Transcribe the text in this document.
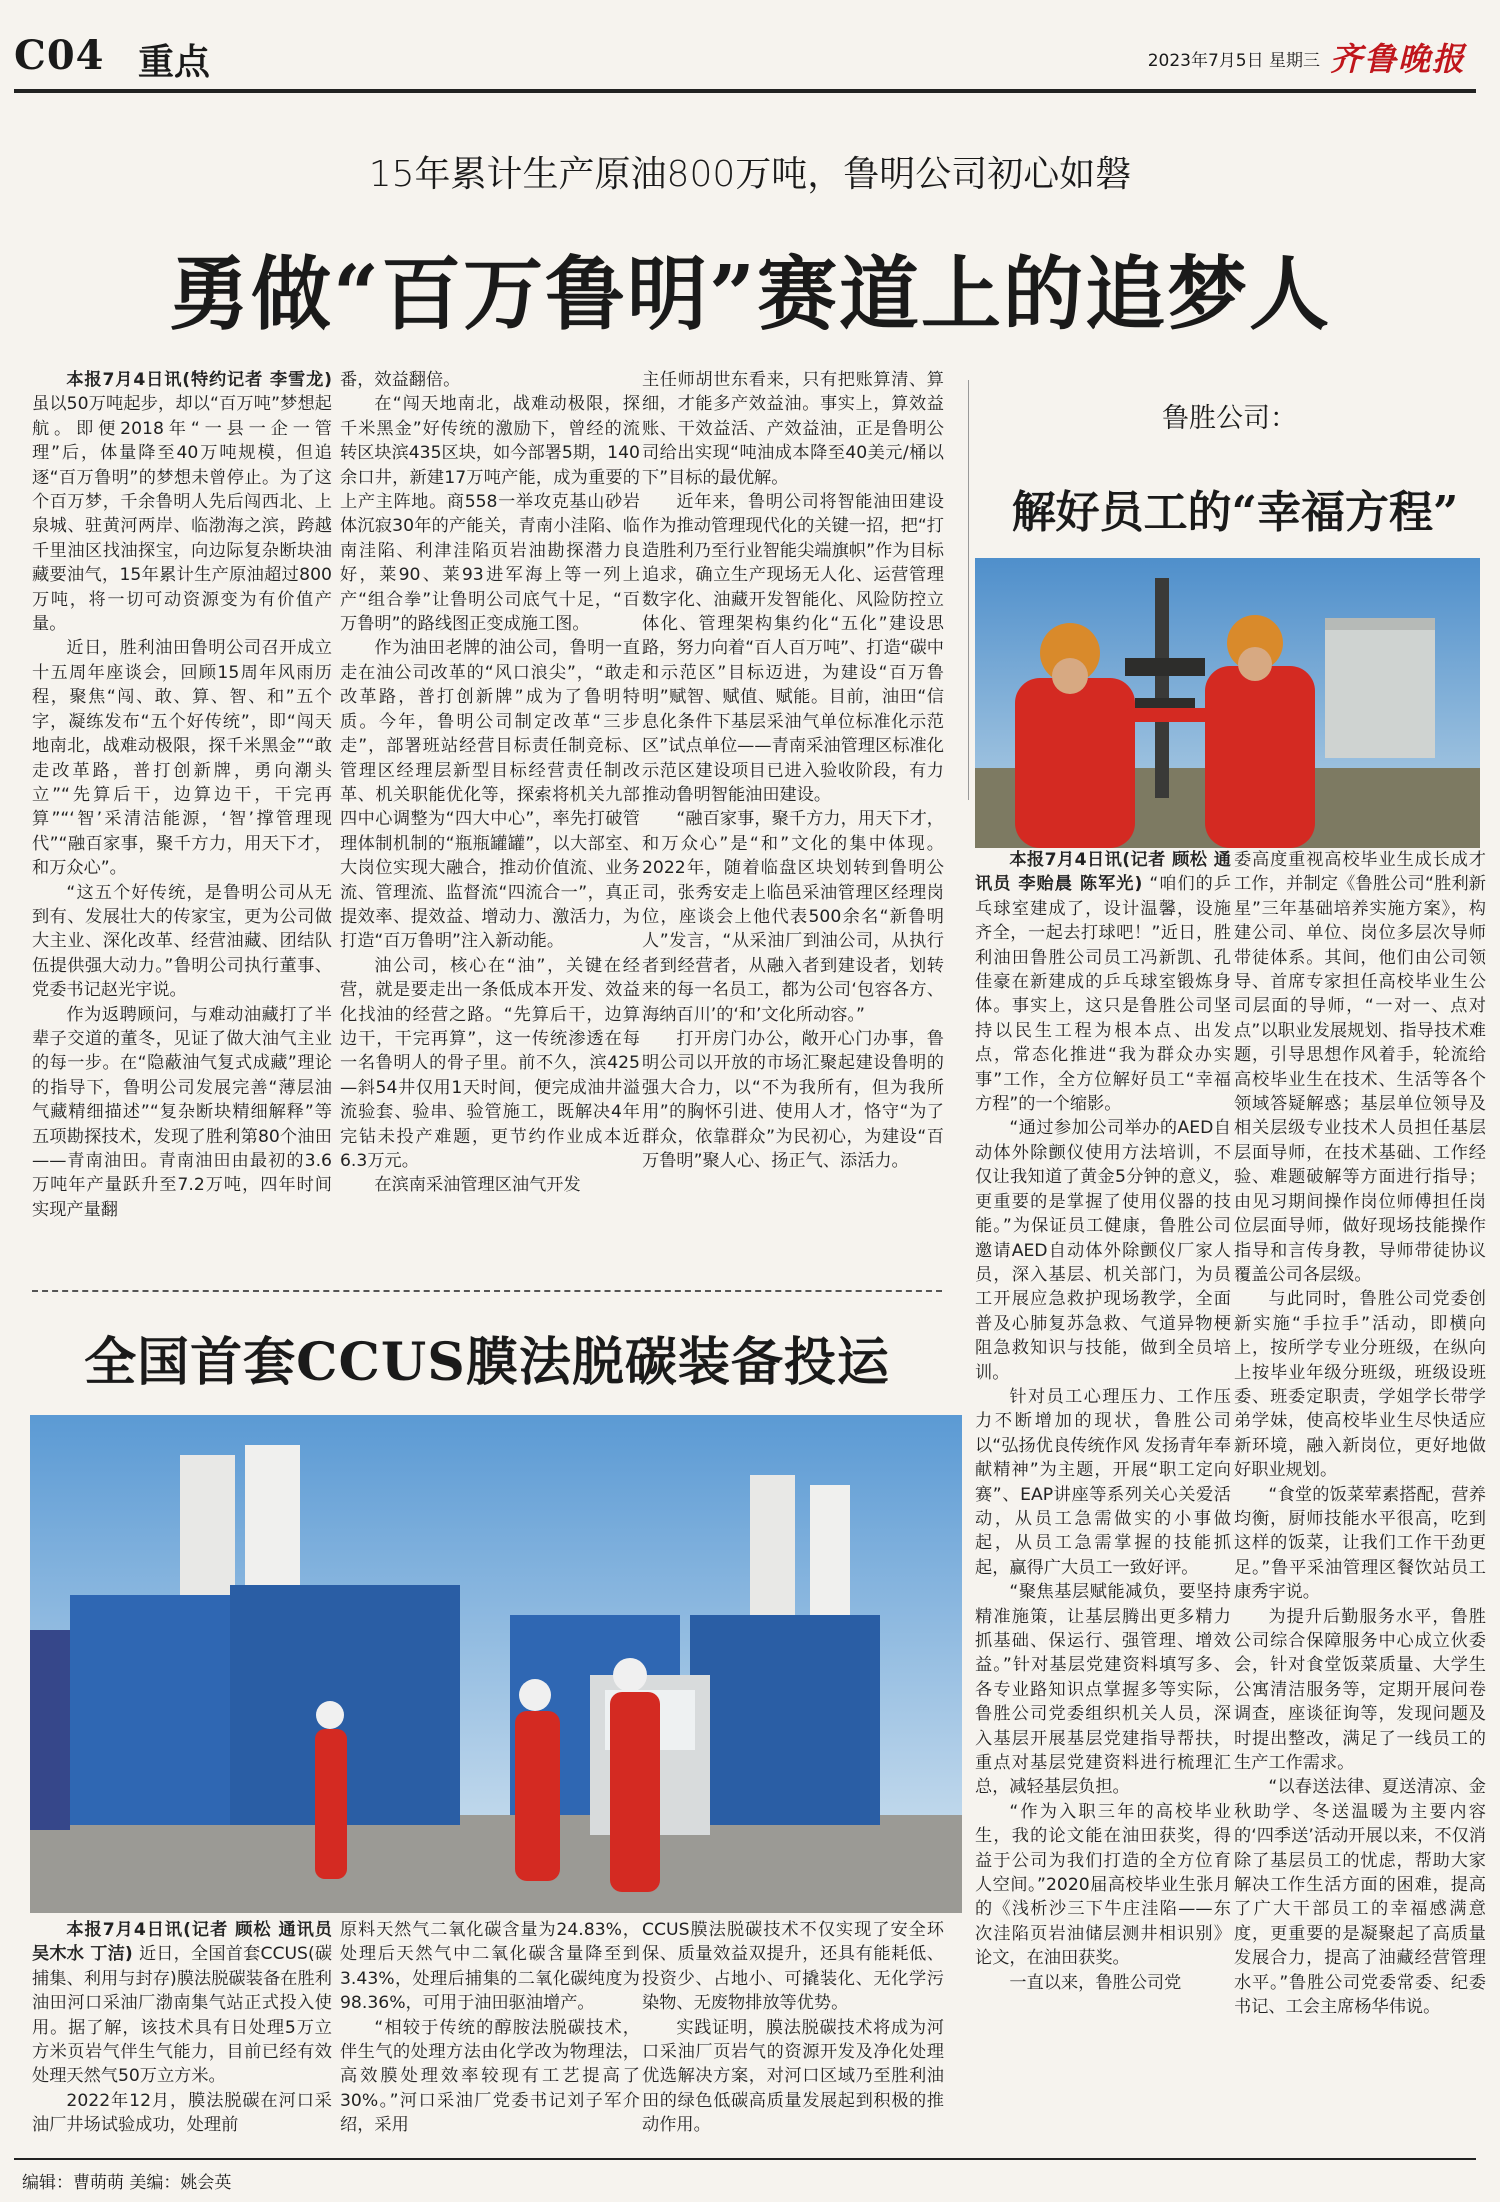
C04 重点	2023年7月5日 星期三 齐鲁晚报
15年累计生产原油800万吨，鲁明公司初心如磐
勇做“百万鲁明”赛道上的追梦人

本报7月4日讯(特约记者 李雪龙) 虽以50万吨起步，却以“百万吨”梦想起航。即便2018年“一县一企一管理”后，体量降至40万吨规模，但追逐“百万鲁明”的梦想未曾停止。为了这个百万梦，千余鲁明人先后闯西北、上泉城、驻黄河两岸、临渤海之滨，跨越千里油区找油探宝，向边际复杂断块油藏要油气，15年累计生产原油超过800万吨，将一切可动资源变为有价值产量。

近日，胜利油田鲁明公司召开成立十五周年座谈会，回顾15周年风雨历程，聚焦“闯、敢、算、智、和”五个字，凝练发布“五个好传统”，即“闯天地南北，战难动极限，探千米黑金”“敢走改革路，普打创新牌，勇向潮头立”“先算后干，边算边干，干完再算”“‘智’采清洁能源，‘智’撑管理现代”“融百家事，聚千方力，用天下才，和万众心”。

“这五个好传统，是鲁明公司从无到有、发展壮大的传家宝，更为公司做大主业、深化改革、经营油藏、团结队伍提供强大动力。”鲁明公司执行董事、党委书记赵光宇说。

作为返聘顾问，与难动油藏打了半辈子交道的董冬，见证了做大油气主业的每一步。在“隐蔽油气复式成藏”理论的指导下，鲁明公司发展完善“薄层油气藏精细描述”“复杂断块精细解释”等五项勘探技术，发现了胜利第80个油田——青南油田。青南油田由最初的3.6万吨年产量跃升至7.2万吨，四年时间实现产量翻

番，效益翻倍。

在“闯天地南北，战难动极限，探千米黑金”好传统的激励下，曾经的流转区块滨435区块，如今部署5期，140余口井，新建17万吨产能，成为重要的上产主阵地。商558一举攻克基山砂岩体沉寂30年的产能关，青南小洼陷、临南洼陷、利津洼陷页岩油勘探潜力良好，莱90、莱93进军海上等一列上产“组合拳”让鲁明公司底气十足，“百万鲁明”的路线图正变成施工图。

作为油田老牌的油公司，鲁明一直走在油公司改革的“风口浪尖”，“敢走改革路，普打创新牌”成为了鲁明特质。今年，鲁明公司制定改革“三步走”，部署班站经营目标责任制竞标、管理区经理层新型目标经营责任制改革、机关职能优化等，探索将机关九部四中心调整为“四大中心”，率先打破管理体制机制的“瓶瓶罐罐”，以大部室、大岗位实现大融合，推动价值流、业务流、管理流、监督流“四流合一”，真正提效率、提效益、增动力、激活力，为打造“百万鲁明”注入新动能。

油公司，核心在“油”，关键在经营，就是要走出一条低成本开发、效益化找油的经营之路。“先算后干，边算边干，干完再算”，这一传统渗透在每一名鲁明人的骨子里。前不久，滨425—斜54井仅用1天时间，便完成油井溢流验套、验串、验管施工，既解决4年完钻未投产难题，更节约作业成本近6.3万元。

在滨南采油管理区油气开发

主任师胡世东看来，只有把账算清、算细，才能多产效益油。事实上，算效益账、干效益活、产效益油，正是鲁明公司给出实现“吨油成本降至40美元/桶以下”目标的最优解。

近年来，鲁明公司将智能油田建设作为推动管理现代化的关键一招，把“打造胜利乃至行业智能尖端旗帜”作为目标追求，确立生产现场无人化、运营管理数字化、油藏开发智能化、风险防控立体化、管理架构集约化“五化”建设思路，努力向着“百人百万吨”、打造“碳中和示范区”目标迈进，为建设“百万鲁明”赋智、赋值、赋能。目前，油田“信息化条件下基层采油气单位标准化示范区”试点单位——青南采油管理区标准化示范区建设项目已进入验收阶段，有力推动鲁明智能油田建设。

“融百家事，聚千方力，用天下才，和万众心”是“和”文化的集中体现。2022年，随着临盘区块划转到鲁明公司，张秀安走上临邑采油管理区经理岗位，座谈会上他代表500余名“新鲁明人”发言，“从采油厂到油公司，从执行者到经营者，从融入者到建设者，划转来的每一名员工，都为公司‘包容各方、海纳百川’的‘和’文化所动容。”

打开房门办公，敞开心门办事，鲁明公司以开放的市场汇聚起建设鲁明的强大合力，以“不为我所有，但为我所用”的胸怀引进、使用人才，恪守“为了群众，依靠群众”为民初心，为建设“百万鲁明”聚人心、扬正气、添活力。

鲁胜公司：
解好员工的“幸福方程”

本报7月4日讯(记者 顾松 通讯员 李贻晨 陈军光) “咱们的乒乓球室建成了，设计温馨，设施齐全，一起去打球吧！”近日，胜利油田鲁胜公司员工冯新凯、孔佳豪在新建成的乒乓球室锻炼身体。事实上，这只是鲁胜公司坚持以民生工程为根本点、出发点，常态化推进“我为群众办实事”工作，全方位解好员工“幸福方程”的一个缩影。

“通过参加公司举办的AED自动体外除颤仪使用方法培训，不仅让我知道了黄金5分钟的意义，更重要的是掌握了使用仪器的技能。”为保证员工健康，鲁胜公司邀请AED自动体外除颤仪厂家人员，深入基层、机关部门，为员工开展应急救护现场教学，全面普及心肺复苏急救、气道异物梗阻急救知识与技能，做到全员培训。

针对员工心理压力、工作压力不断增加的现状，鲁胜公司以“弘扬优良传统作风 发扬青年奉献精神”为主题，开展“职工定向赛”、EAP讲座等系列关心关爱活动，从员工急需做实的小事做起，从员工急需掌握的技能抓起，赢得广大员工一致好评。

“聚焦基层赋能减负，要坚持精准施策，让基层腾出更多精力抓基础、保运行、强管理、增效益。”针对基层党建资料填写多、各专业路知识点掌握多等实际，鲁胜公司党委组织机关人员，深入基层开展基层党建指导帮扶，重点对基层党建资料进行梳理汇总，减轻基层负担。

“作为入职三年的高校毕业生，我的论文能在油田获奖，得益于公司为我们打造的全方位育人空间。”2020届高校毕业生张月的《浅析沙三下牛庄洼陷——东次洼陷页岩油储层测井相识别》论文，在油田获奖。

一直以来，鲁胜公司党

委高度重视高校毕业生成长成才工作，并制定《鲁胜公司“胜利新星”三年基础培养实施方案》，构建公司、单位、岗位多层次导师带徒体系。其间，他们由公司领导、首席专家担任高校毕业生公司层面的导师，“一对一、点对点”以职业发展规划、指导技术难题，引导思想作风着手，轮流给高校毕业生在技术、生活等各个领域答疑解惑；基层单位领导及相关层级专业技术人员担任基层层面导师，在技术基础、工作经验、难题破解等方面进行指导；由见习期间操作岗位师傅担任岗位层面导师，做好现场技能操作指导和言传身教，导师带徒协议覆盖公司各层级。

与此同时，鲁胜公司党委创新实施“手拉手”活动，即横向上，按所学专业分班级，在纵向上按毕业年级分班级，班级设班委、班委定职责，学姐学长带学弟学妹，使高校毕业生尽快适应新环境，融入新岗位，更好地做好职业规划。

“食堂的饭菜荤素搭配，营养均衡，厨师技能水平很高，吃到这样的饭菜，让我们工作干劲更足。”鲁平采油管理区餐饮站员工康秀宇说。

为提升后勤服务水平，鲁胜公司综合保障服务中心成立伙委会，针对食堂饭菜质量、大学生公寓清洁服务等，定期开展问卷调查，座谈征询等，发现问题及时提出整改，满足了一线员工的生产工作需求。

“以春送法律、夏送清凉、金秋助学、冬送温暖为主要内容的‘四季送’活动开展以来，不仅消除了基层员工的忧虑，帮助大家解决工作生活方面的困难，提高了广大干部员工的幸福感满意度，更重要的是凝聚起了高质量发展合力，提高了油藏经营管理水平。”鲁胜公司党委常委、纪委书记、工会主席杨华伟说。

全国首套CCUS膜法脱碳装备投运

本报7月4日讯(记者 顾松 通讯员 吴木水 丁洁) 近日，全国首套CCUS(碳捕集、利用与封存)膜法脱碳装备在胜利油田河口采油厂渤南集气站正式投入使用。据了解，该技术具有日处理5万立方米页岩气伴生气能力，目前已经有效处理天然气50万立方米。

2022年12月，膜法脱碳在河口采油厂井场试验成功，处理前

原料天然气二氧化碳含量为24.83%，处理后天然气中二氧化碳含量降至到3.43%，处理后捕集的二氧化碳纯度为98.36%，可用于油田驱油增产。

“相较于传统的醇胺法脱碳技术，伴生气的处理方法由化学改为物理法，高效膜处理效率较现有工艺提高了30%。”河口采油厂党委书记刘子军介绍，采用

CCUS膜法脱碳技术不仅实现了安全环保、质量效益双提升，还具有能耗低、投资少、占地小、可撬装化、无化学污染物、无废物排放等优势。

实践证明，膜法脱碳技术将成为河口采油厂页岩气的资源开发及净化处理优选解决方案，对河口区域乃至胜利油田的绿色低碳高质量发展起到积极的推动作用。

编辑：曹萌萌 美编：姚会英
